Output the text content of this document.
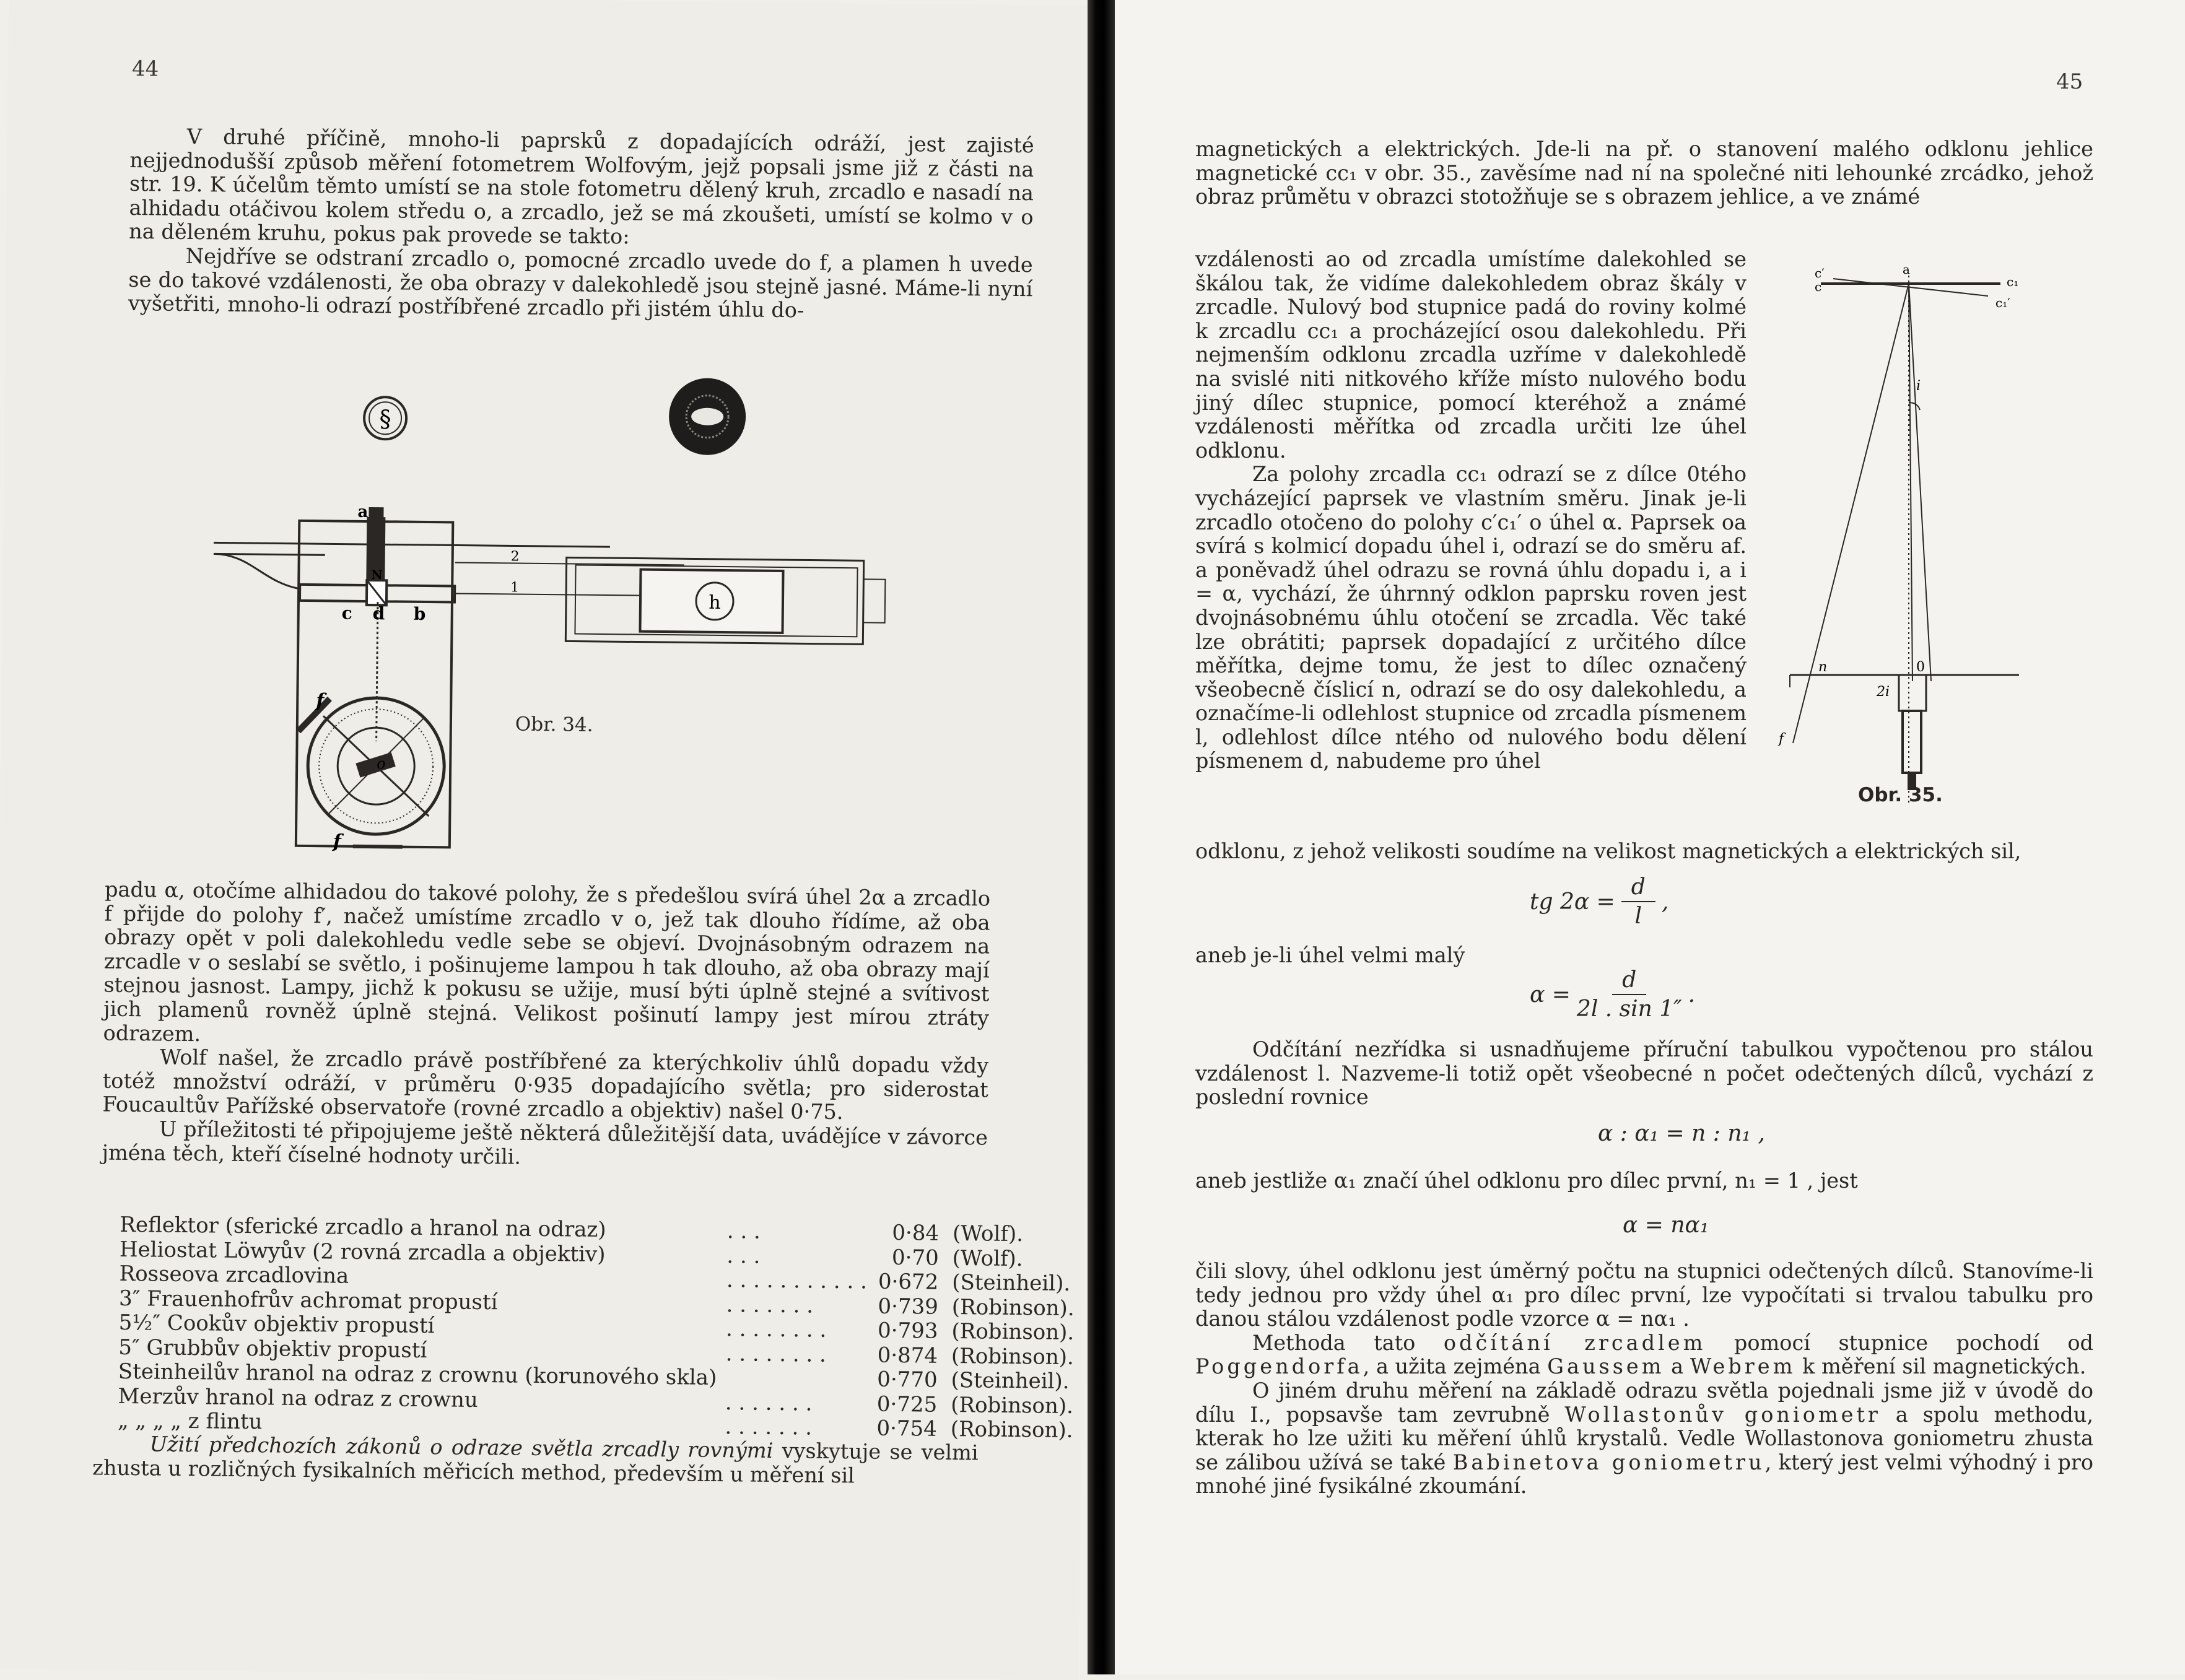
44

V druhé příčině, mnoho-li paprsků z dopadajících odráží, jest zajisté nejjednodušší způsob měření fotometrem Wolfovým, jejž popsali jsme již z části na str. 19. K účelům těmto umístí se na stole fotometru dělený kruh, zrcadlo e nasadí na alhidadu otáčivou kolem středu o, a zrcadlo, jež se má zkoušeti, umístí se kolmo v o na děleném kruhu, pokus pak provede se takto:

Nejdříve se odstraní zrcadlo o, pomocné zrcadlo uvede do f, a plamen h uvede se do takové vzdálenosti, že oba obrazy v dalekohledě jsou stejně jasné. Máme-li nyní vyšetřiti, mnoho-li odrazí postříbřené zrcadlo při jistém úhlu do-

§
2
1
h
a
c
N
d b
f
f
o
Obr. 34.

padu α, otočíme alhidadou do takové polohy, že s předešlou svírá úhel 2α a zrcadlo f přijde do polohy f′, načež umístíme zrcadlo v o, jež tak dlouho řídíme, až oba obrazy opět v poli dalekohledu vedle sebe se objeví. Dvojnásobným odrazem na zrcadle v o seslabí se světlo, i pošinujeme lampou h tak dlouho, až oba obrazy mají stejnou jasnost. Lampy, jichž k pokusu se užije, musí býti úplně stejné a svítivost jich plamenů rovněž úplně stejná. Velikost pošinutí lampy jest mírou ztráty odrazem.

Wolf našel, že zrcadlo právě postříbřené za kterýchkoliv úhlů dopadu vždy totéž množství odráží, v průměru 0·935 dopadajícího světla; pro siderostat Foucaultův Pařížské observatoře (rovné zrcadlo a objektiv) našel 0·75.

U příležitosti té připojujeme ještě některá důležitější data, uvádějíce v závorce jména těch, kteří číselné hodnoty určili.

Reflektor (sferické zrcadlo a hranol na odraz)	. . .	0·84	(Wolf).
Heliostat Löwyův (2 rovná zrcadla a objektiv)	. . .	0·70	(Wolf).
Rosseova zrcadlovina	. . . . . . . . . . .	0·672	(Steinheil).
3″ Frauenhofrův achromat propustí	. . . . . . .	0·739	(Robinson).
5½″ Cookův objektiv propustí	. . . . . . . .	0·793	(Robinson).
5″ Grubbův objektiv propustí	. . . . . . . .	0·874	(Robinson).
Steinheilův hranol na odraz z crownu (korunového skla)		0·770	(Steinheil).
Merzův hranol na odraz z crownu	. . . . . . .	0·725	(Robinson).
„ „ „ „ z flintu	. . . . . . .	0·754	(Robinson).

Užití předchozích zákonů o odraze světla zrcadly rovnými vyskytuje se velmi zhusta u rozličných fysikalních měřicích method, především u měření sil

45

magnetických a elektrických. Jde-li na př. o stanovení malého odklonu jehlice magnetické cc₁ v obr. 35., zavěsíme nad ní na společné niti lehounké zrcádko, jehož obraz průmětu v obrazci stotožňuje se s obrazem jehlice, a ve známé

vzdálenosti ao od zrcadla umístíme dalekohled se škálou tak, že vidíme dalekohledem obraz škály v zrcadle. Nulový bod stupnice padá do roviny kolmé k zrcadlu cc₁ a procházející osou dalekohledu. Při nejmenším odklonu zrcadla uzříme v dalekohledě na svislé niti nitkového kříže místo nulového bodu jiný dílec stupnice, pomocí kteréhož a známé vzdálenosti měřítka od zrcadla určiti lze úhel odklonu.

Za polohy zrcadla cc₁ odrazí se z dílce 0tého vycházející paprsek ve vlastním směru. Jinak je-li zrcadlo otočeno do polohy c′c₁′ o úhel α. Paprsek oa svírá s kolmicí dopadu úhel i, odrazí se do směru af. a poněvadž úhel odrazu se rovná úhlu dopadu i, a i = α, vychází, že úhrnný odklon paprsku roven jest dvojnásobnému úhlu otočení se zrcadla. Věc také lze obrátiti; paprsek dopadající z určitého dílce měřítka, dejme tomu, že jest to dílec označený všeobecně číslicí n, odrazí se do osy dalekohledu, a označíme-li odlehlost stupnice od zrcadla písmenem l, odlehlost dílce ntého od nulového bodu dělení písmenem d, nabudeme pro úhel

c′
c
a
c₁
c₁′
i
n	0
2i
f
Obr. 35.

odklonu, z jehož velikosti soudíme na velikost magnetických a elektrických sil,

tg $2\alpha = \frac{d}{l}$ ,

aneb je-li úhel velmi malý

$\alpha = \frac{d}{2l . \sin 1''}$ .

Odčítání nezřídka si usnadňujeme příruční tabulkou vypočtenou pro stálou vzdálenost l. Nazveme-li totiž opět všeobecné n počet odečtených dílců, vychází z poslední rovnice

α : α₁ = n : n₁ ,

aneb jestliže α₁ značí úhel odklonu pro dílec první, n₁ = 1 , jest

α = nα₁

čili slovy, úhel odklonu jest úměrný počtu na stupnici odečtených dílců. Stanovíme-li tedy jednou pro vždy úhel α₁ pro dílec první, lze vypočítati si trvalou tabulku pro danou stálou vzdálenost podle vzorce α = nα₁ .

Methoda tato odčítání zrcadlem pomocí stupnice pochodí od Poggendorfa, a užita zejména Gaussem a Webrem k měření sil magnetických.

O jiném druhu měření na základě odrazu světla pojednali jsme již v úvodě do dílu I., popsavše tam zevrubně Wollastonův goniometr a spolu methodu, kterak ho lze užiti ku měření úhlů krystalů. Vedle Wollastonova goniometru zhusta se zálibou užívá se také Babinetova goniometru, který jest velmi výhodný i pro mnohé jiné fysikálné zkoumání.
